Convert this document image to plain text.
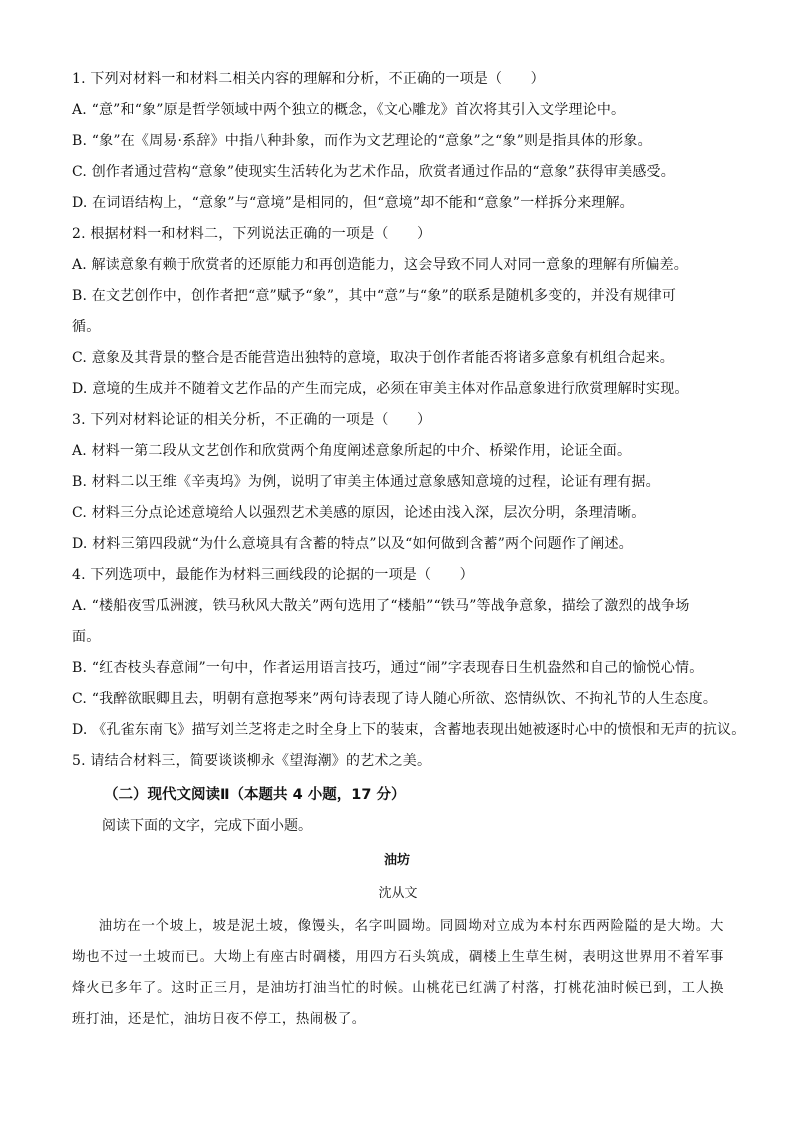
1. 下列对材料一和材料二相关内容的理解和分析，不正确的一项是（　　）
A. “意”和“象”原是哲学领域中两个独立的概念，《文心雕龙》首次将其引入文学理论中。
B. “象”在《周易·系辞》中指八种卦象，而作为文艺理论的“意象”之“象”则是指具体的形象。
C. 创作者通过营构“意象”使现实生活转化为艺术作品，欣赏者通过作品的“意象”获得审美感受。
D. 在词语结构上，“意象”与“意境”是相同的，但“意境”却不能和“意象”一样拆分来理解。
2. 根据材料一和材料二，下列说法正确的一项是（　　）
A. 解读意象有赖于欣赏者的还原能力和再创造能力，这会导致不同人对同一意象的理解有所偏差。
B. 在文艺创作中，创作者把“意”赋予“象”，其中“意”与“象”的联系是随机多变的，并没有规律可
循。
C. 意象及其背景的整合是否能营造出独特的意境，取决于创作者能否将诸多意象有机组合起来。
D. 意境的生成并不随着文艺作品的产生而完成，必须在审美主体对作品意象进行欣赏理解时实现。
3. 下列对材料论证的相关分析，不正确的一项是（　　）
A. 材料一第二段从文艺创作和欣赏两个角度阐述意象所起的中介、桥梁作用，论证全面。
B. 材料二以王维《辛夷坞》为例，说明了审美主体通过意象感知意境的过程，论证有理有据。
C. 材料三分点论述意境给人以强烈艺术美感的原因，论述由浅入深，层次分明，条理清晰。
D. 材料三第四段就“为什么意境具有含蓄的特点”以及“如何做到含蓄”两个问题作了阐述。
4. 下列选项中，最能作为材料三画线段的论据的一项是（　　）
A. “楼船夜雪瓜洲渡，铁马秋风大散关”两句选用了“楼船”“铁马”等战争意象，描绘了激烈的战争场
面。
B. “红杏枝头春意闹”一句中，作者运用语言技巧，通过“闹”字表现春日生机盎然和自己的愉悦心情。
C. “我醉欲眠卿且去，明朝有意抱琴来”两句诗表现了诗人随心所欲、恣情纵饮、不拘礼节的人生态度。
D. 《孔雀东南飞》描写刘兰芝将走之时全身上下的装束，含蓄地表现出她被逐时心中的愤恨和无声的抗议。
5. 请结合材料三，简要谈谈柳永《望海潮》的艺术之美。
（二）现代文阅读Ⅱ（本题共 4 小题，17 分）
阅读下面的文字，完成下面小题。
油坊
沈从文
油坊在一个坡上，坡是泥土坡，像馒头，名字叫圆坳。同圆坳对立成为本村东西两险隘的是大坳。大坳也不过一土坡而已。大坳上有座古时碉楼，用四方石头筑成，碉楼上生草生树，表明这世界用不着军事烽火已多年了。这时正三月，是油坊打油当忙的时候。山桃花已红满了村落，打桃花油时候已到，工人换班打油，还是忙，油坊日夜不停工，热闹极了。
